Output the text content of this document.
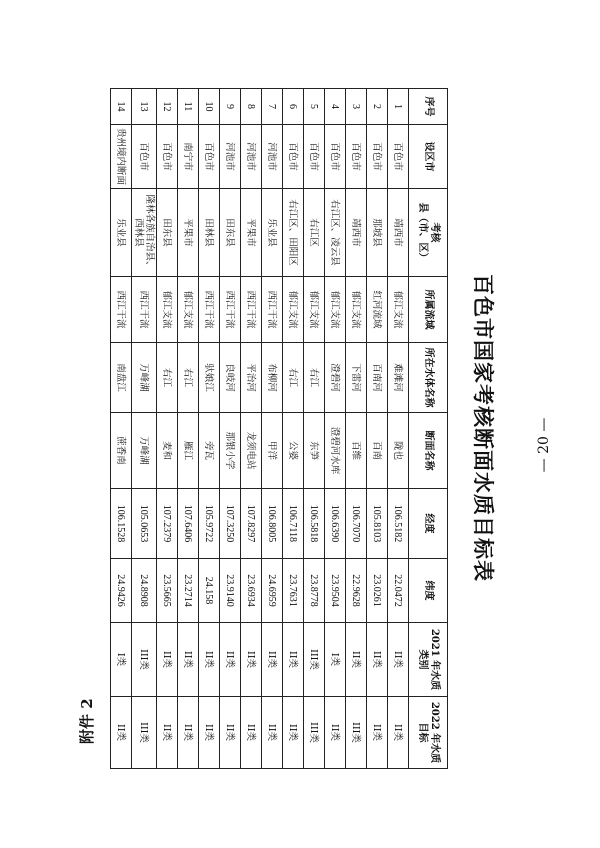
附件 2
百色市国家考核断面水质目标表
序号	设区市	考核
县（市、区）	所属流域	所在水体名称	断面名称	经度	纬度	2021 年水质
类别	2022 年水质
目标
1	百色市	靖西市	郁江支流	难滩河	陇也	106.5182	22.0472	II类	II类
2	百色市	那坡县	红河流域	百南河	百南	105.8103	23.0261	II类	II类
3	百色市	靖西市	郁江支流	下雷河	百维	106.7070	22.9628	II类	III类
4	百色市	右江区、凌云县	郁江支流	澄碧河	澄碧河水库	106.6390	23.9504	I类	II类
5	百色市	右江区	郁江支流	右江	东笋	106.5818	23.8778	III类	III类
6	百色市	右江区、田阳区	郁江支流	右江	公婆	106.7118	23.7631	II类	II类
7	河池市	乐业县	西江干流	布柳河	甲洋	106.8005	24.6959	II类	II类
8	河池市	平果市	西江干流	平治河	龙须电站	107.8297	23.6934	II类	II类
9	河池市	田东县	西江干流	良岐河	那银小学	107.3250	23.9140	II类	II类
10	百色市	田林县	西江干流	驮娘江	旁瓦	105.9722	24.158	II类	II类
11	南宁市	平果市	郁江支流	右江	雁江	107.6406	23.2714	II类	II类
12	百色市	田东县	郁江支流	右江	麦和	107.2379	23.5665	II类	II类
13	百色市	隆林各族自治县、西林县	西江干流	万峰湖	万峰湖	105.0653	24.8908	III类	III类
14	贵州境内断面	乐业县	西江干流	南盘江	蔗香南	106.1528	24.9426	I类	II类
— 20 —
